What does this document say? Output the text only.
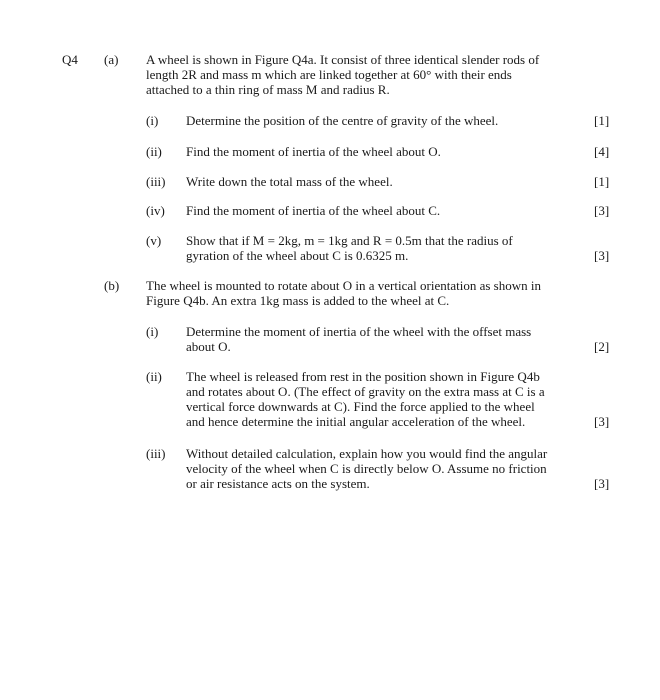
Q4 (a) A wheel is shown in Figure Q4a. It consist of three identical slender rods of
length 2R and mass m which are linked together at 60° with their ends
attached to a thin ring of mass M and radius R.
(i) Determine the position of the centre of gravity of the wheel.	[1]
(ii) Find the moment of inertia of the wheel about O.	[4]
(iii) Write down the total mass of the wheel.	[1]
(iv) Find the moment of inertia of the wheel about C.	[3]
(v) Show that if M = 2kg, m = 1kg and R = 0.5m that the radius of
gyration of the wheel about C is 0.6325 m.	[3]
(b) The wheel is mounted to rotate about O in a vertical orientation as shown in
Figure Q4b. An extra 1kg mass is added to the wheel at C.
(i) Determine the moment of inertia of the wheel with the offset mass
about O.	[2]
(ii) The wheel is released from rest in the position shown in Figure Q4b
and rotates about O. (The effect of gravity on the extra mass at C is a
vertical force downwards at C). Find the force applied to the wheel
and hence determine the initial angular acceleration of the wheel.	[3]
(iii) Without detailed calculation, explain how you would find the angular
velocity of the wheel when C is directly below O. Assume no friction
or air resistance acts on the system.	[3]
